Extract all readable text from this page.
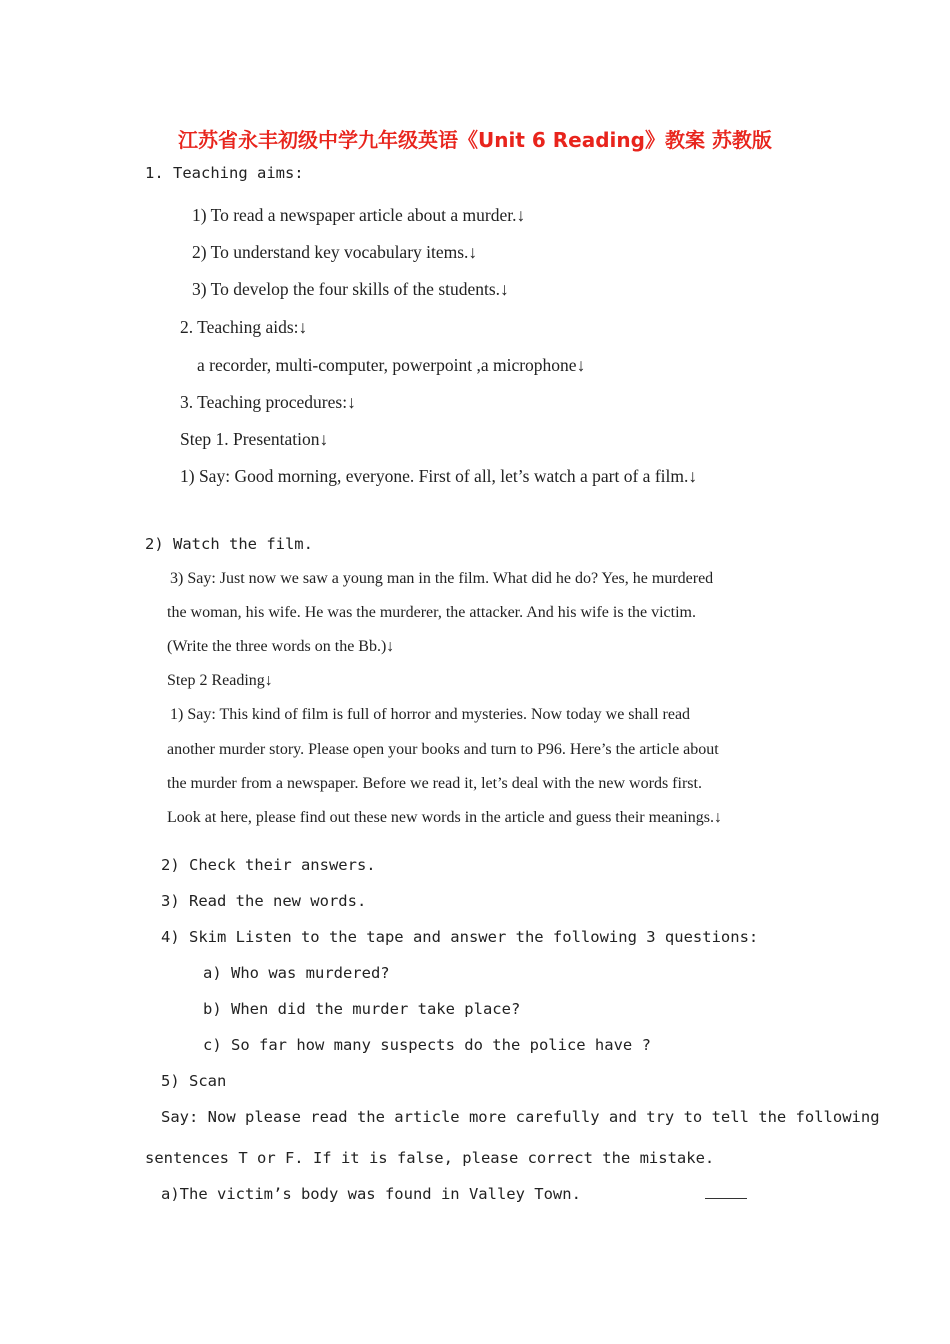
江苏省永丰初级中学九年级英语《Unit 6 Reading》教案 苏教版

1. Teaching aims:

1) To read a newspaper article about a murder.↓

2) To understand key vocabulary items.↓

3) To develop the four skills of the students.↓

2. Teaching aids:↓

a recorder, multi-computer, powerpoint ,a microphone↓

3. Teaching procedures:↓

Step 1. Presentation↓

1) Say: Good morning, everyone. First of all, let’s watch a part of a film.↓

2) Watch the film.

3) Say: Just now we saw a young man in the film. What did he do? Yes, he murdered

the woman, his wife. He was the murderer, the attacker. And his wife is the victim.

(Write the three words on the Bb.)↓

Step 2 Reading↓

1) Say: This kind of film is full of horror and mysteries. Now today we shall read

another murder story. Please open your books and turn to P96. Here’s the article about

the murder from a newspaper. Before we read it, let’s deal with the new words first.

Look at here, please find out these new words in the article and guess their meanings.↓

2) Check their answers.

3) Read the new words.

4) Skim Listen to the tape and answer the following 3 questions:

a) Who was murdered?

b) When did the murder take place?

c) So far how many suspects do the police have ?

5) Scan

Say: Now please read the article more carefully and try to tell the following

sentences T or F. If it is false, please correct the mistake.

a)The victim’s body was found in Valley Town.
